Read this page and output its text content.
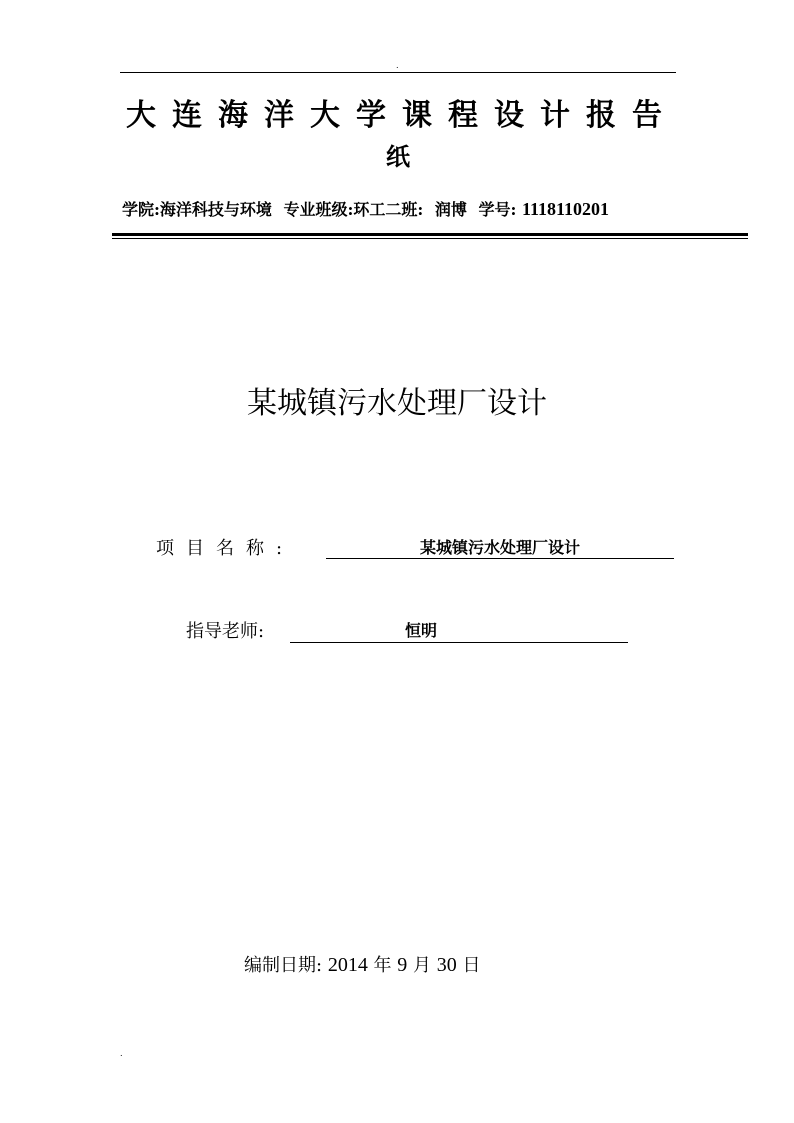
.
大连海洋大学课程设计报告
纸
学院:海洋科技与环境 专业班级:环工二班: 润博 学号: 1118110201
某城镇污水处理厂设计
项目名称:	某城镇污水处理厂设计
指导老师:	恒明
编制日期: 2014 年 9 月 30 日
.
